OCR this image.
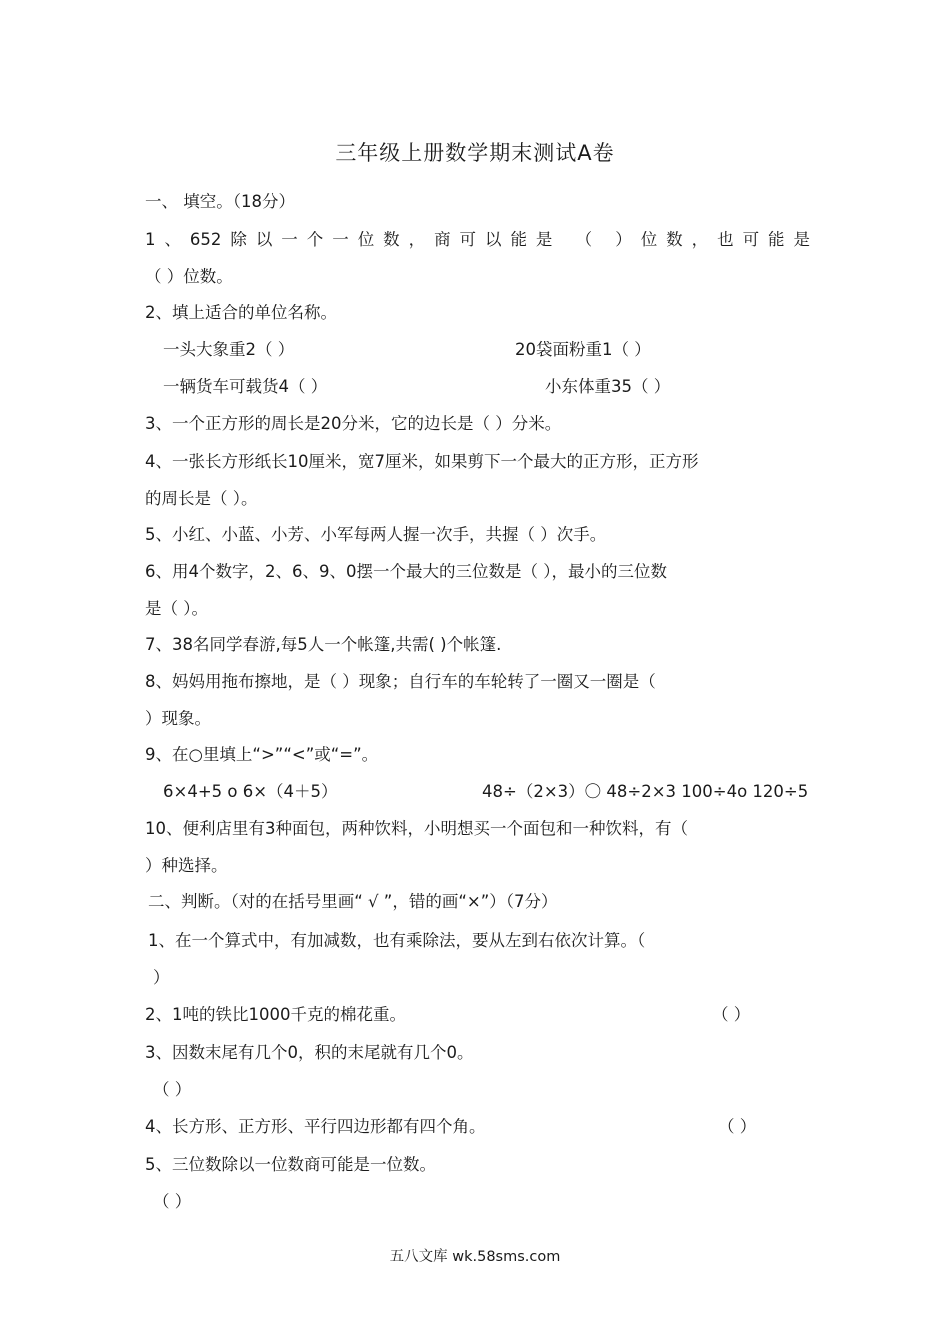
三年级上册数学期末测试A卷
一、 填空。（18分）
1、652除以一个一位数，商可以能是 （ ）位数，也可能是
（ ）位数。
2、填上适合的单位名称。
一头大象重2（ ）	20袋面粉重1（ ）
一辆货车可载货4（ ）	小东体重35（ ）
3、一个正方形的周长是20分米，它的边长是（ ）分米。
4、一张长方形纸长10厘米，宽7厘米，如果剪下一个最大的正方形，正方形
的周长是（ ）。
5、小红、小蓝、小芳、小军每两人握一次手，共握（ ）次手。
6、用4个数字，2、6、9、0摆一个最大的三位数是（ ），最小的三位数
是（ ）。
7、38名同学春游,每5人一个帐篷,共需( )个帐篷.
8、妈妈用拖布擦地，是（ ）现象；自行车的车轮转了一圈又一圈是（
）现象。
9、在○里填上“>”“<”或“=”。
6×4+5 o 6×（4＋5）	48÷（2×3）〇 48÷2×3 100÷4o 120÷5
10、便利店里有3种面包，两种饮料，小明想买一个面包和一种饮料，有（
）种选择。
二、判断。（对的在括号里画“ √ ”，错的画“×”）（7分）
1、在一个算式中，有加减数，也有乘除法，要从左到右依次计算。（
）
2、1吨的铁比1000千克的棉花重。	（ ）
3、因数末尾有几个0，积的末尾就有几个0。
（ ）
4、长方形、正方形、平行四边形都有四个角。	（ ）
5、三位数除以一位数商可能是一位数。
（ ）
五八文库 wk.58sms.com
